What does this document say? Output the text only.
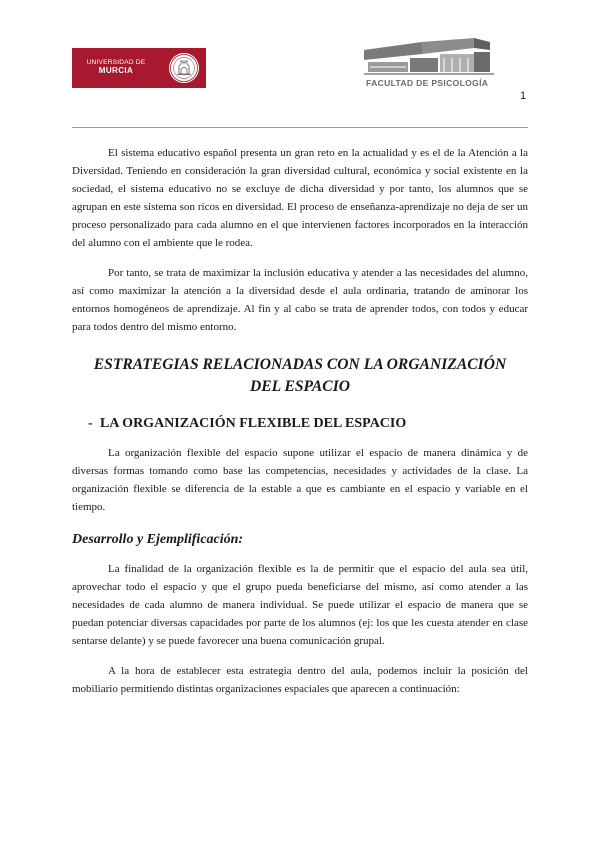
UNIVERSIDAD DE
MURCIA
FACULTAD DE PSICOLOGÍA
1

El sistema educativo español presenta un gran reto en la actualidad y es el de la Atención a la Diversidad. Teniendo en consideración la gran diversidad cultural, económica y social existente en la sociedad, el sistema educativo no se excluye de dicha diversidad y por tanto, los alumnos que se agrupan en este sistema son ricos en diversidad. El proceso de enseñanza-aprendizaje no deja de ser un proceso personalizado para cada alumno en el que intervienen factores incorporados en la interacción del alumno con el ambiente que le rodea.

Por tanto, se trata de maximizar la inclusión educativa y atender a las necesidades del alumno, así como maximizar la atención a la diversidad desde el aula ordinaria, tratando de aminorar los entornos homogéneos de aprendizaje. Al fin y al cabo se trata de aprender todos, con todos y educar para todos dentro del mismo entorno.

ESTRATEGIAS RELACIONADAS CON LA ORGANIZACIÓN
DEL ESPACIO
- LA ORGANIZACIÓN FLEXIBLE DEL ESPACIO

La organización flexible del espacio supone utilizar el espacio de manera dinámica y de diversas formas tomando como base las competencias, necesidades y actividades de la clase. La organización flexible se diferencia de la estable a que es cambiante en el espacio y variable en el tiempo.

Desarrollo y Ejemplificación:

La finalidad de la organización flexible es la de permitir que el espacio del aula sea útil, aprovechar todo el espacio y que el grupo pueda beneficiarse del mismo, así como atender a las necesidades de cada alumno de manera individual. Se puede utilizar el espacio de manera que se puedan potenciar diversas capacidades por parte de los alumnos (ej: los que les cuesta atender en clase sentarse delante) y se puede favorecer una buena comunicación grupal.

A la hora de establecer esta estrategia dentro del aula, podemos incluir la posición del mobiliario permitiendo distintas organizaciones espaciales que aparecen a continuación:
